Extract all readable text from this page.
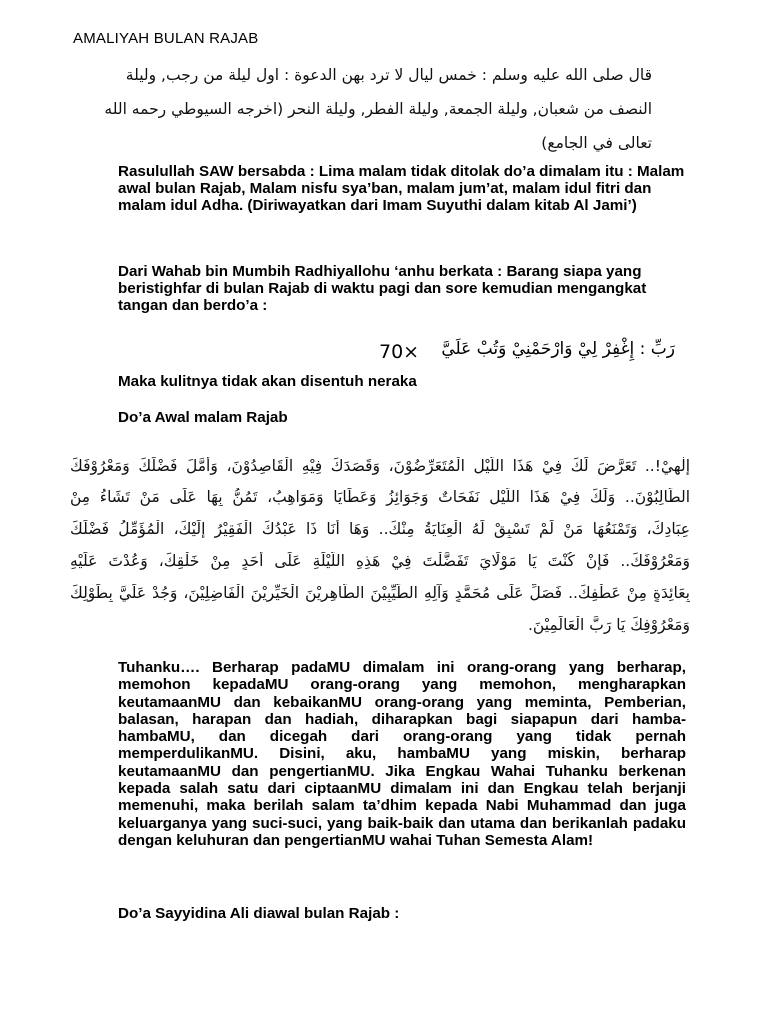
AMALIYAH BULAN RAJAB
قال صلى الله عليه وسلم : خمس ليال لا ترد بهن الدعوة : اول ليلة من رجب, وليلة
النصف من شعبان, وليلة الجمعة, وليلة الفطر, وليلة النحر (اخرجه السيوطي رحمه الله
تعالى في الجامع)
Rasulullah SAW bersabda : Lima malam tidak ditolak do’a dimalam itu : Malam awal bulan Rajab, Malam nisfu sya’ban, malam jum’at, malam idul fitri dan malam idul Adha. (Diriwayatkan dari Imam Suyuthi dalam kitab Al Jami’)
Dari Wahab bin Mumbih Radhiyallohu ‘anhu berkata : Barang siapa yang beristighfar di bulan Rajab di waktu pagi dan sore kemudian mengangkat tangan dan berdo’a :
70× رَبِّ : إِغْفِرْ لِيْ وَارْحَمْنِيْ وَتُبْ عَلَيَّ
Maka kulitnya tidak akan disentuh neraka
Do’a Awal malam Rajab
إِلٰهِيْ!.. تَعَرَّضَ لَكَ فِيْ هَذَا اللَّيْلِ الْمُتَعَرِّضُوْنَ، وَقَصَدَكَ فِيْهِ الْقَاصِدُوْنَ، وَأَمَّلَ فَضْلَكَ وَمَعْرُوْفَكَ
الطَّالِبُوْنَ.. وَلَكَ فِيْ هَذَا اللَّيْلِ نَفَحَاتٌ وَجَوَائِزُ وَعَطَايَا وَمَوَاهِبُ، تَمُنُّ بِهَا عَلَى مَنْ تَشَاءُ مِنْ
عِبَادِكَ، وَتَمْنَعُهَا مَنْ لَمْ تَسْبِقْ لَهُ الْعِنَايَةُ مِنْكَ.. وَهَا أَنَا ذَا عَبْدُكَ الْفَقِيْرُ إِلَيْكَ، الْمُؤَمِّلُ فَضْلَكَ
وَمَعْرُوْفَكَ.. فَإِنْ كُنْتَ يَا مَوْلَايَ تَفَضَّلْتَ فِيْ هَذِهِ اللَّيْلَةِ عَلَى أَحَدٍ مِنْ خَلْقِكَ، وَعُدْتَ عَلَيْهِ
بِعَائِدَةٍ مِنْ عَطْفِكَ.. فَصَلِّ عَلَى مُحَمَّدٍ وَآلِهِ الطَّيِّبِيْنَ الطَّاهِرِيْنَ الْخَيِّرِيْنَ الْفَاضِلِيْنَ، وَجُدْ عَلَيَّ بِطَوْلِكَ
وَمَعْرُوْفِكَ يَا رَبَّ الْعَالَمِيْنَ.
Tuhanku…. Berharap padaMU dimalam ini orang-orang yang berharap, memohon kepadaMU orang-orang yang memohon, mengharapkan keutamaanMU dan kebaikanMU orang-orang yang meminta, Pemberian, balasan, harapan dan hadiah, diharapkan bagi siapapun dari hamba-hambaMU, dan dicegah dari orang-orang yang tidak pernah memperdulikanMU. Disini, aku, hambaMU yang miskin, berharap keutamaanMU dan pengertianMU. Jika Engkau Wahai Tuhanku berkenan kepada salah satu dari ciptaanMU dimalam ini dan Engkau telah berjanji memenuhi, maka berilah salam ta’dhim kepada Nabi Muhammad dan juga keluarganya yang suci-suci, yang baik-baik dan utama dan berikanlah padaku dengan keluhuran dan pengertianMU wahai Tuhan Semesta Alam!
Do’a Sayyidina Ali diawal bulan Rajab :
